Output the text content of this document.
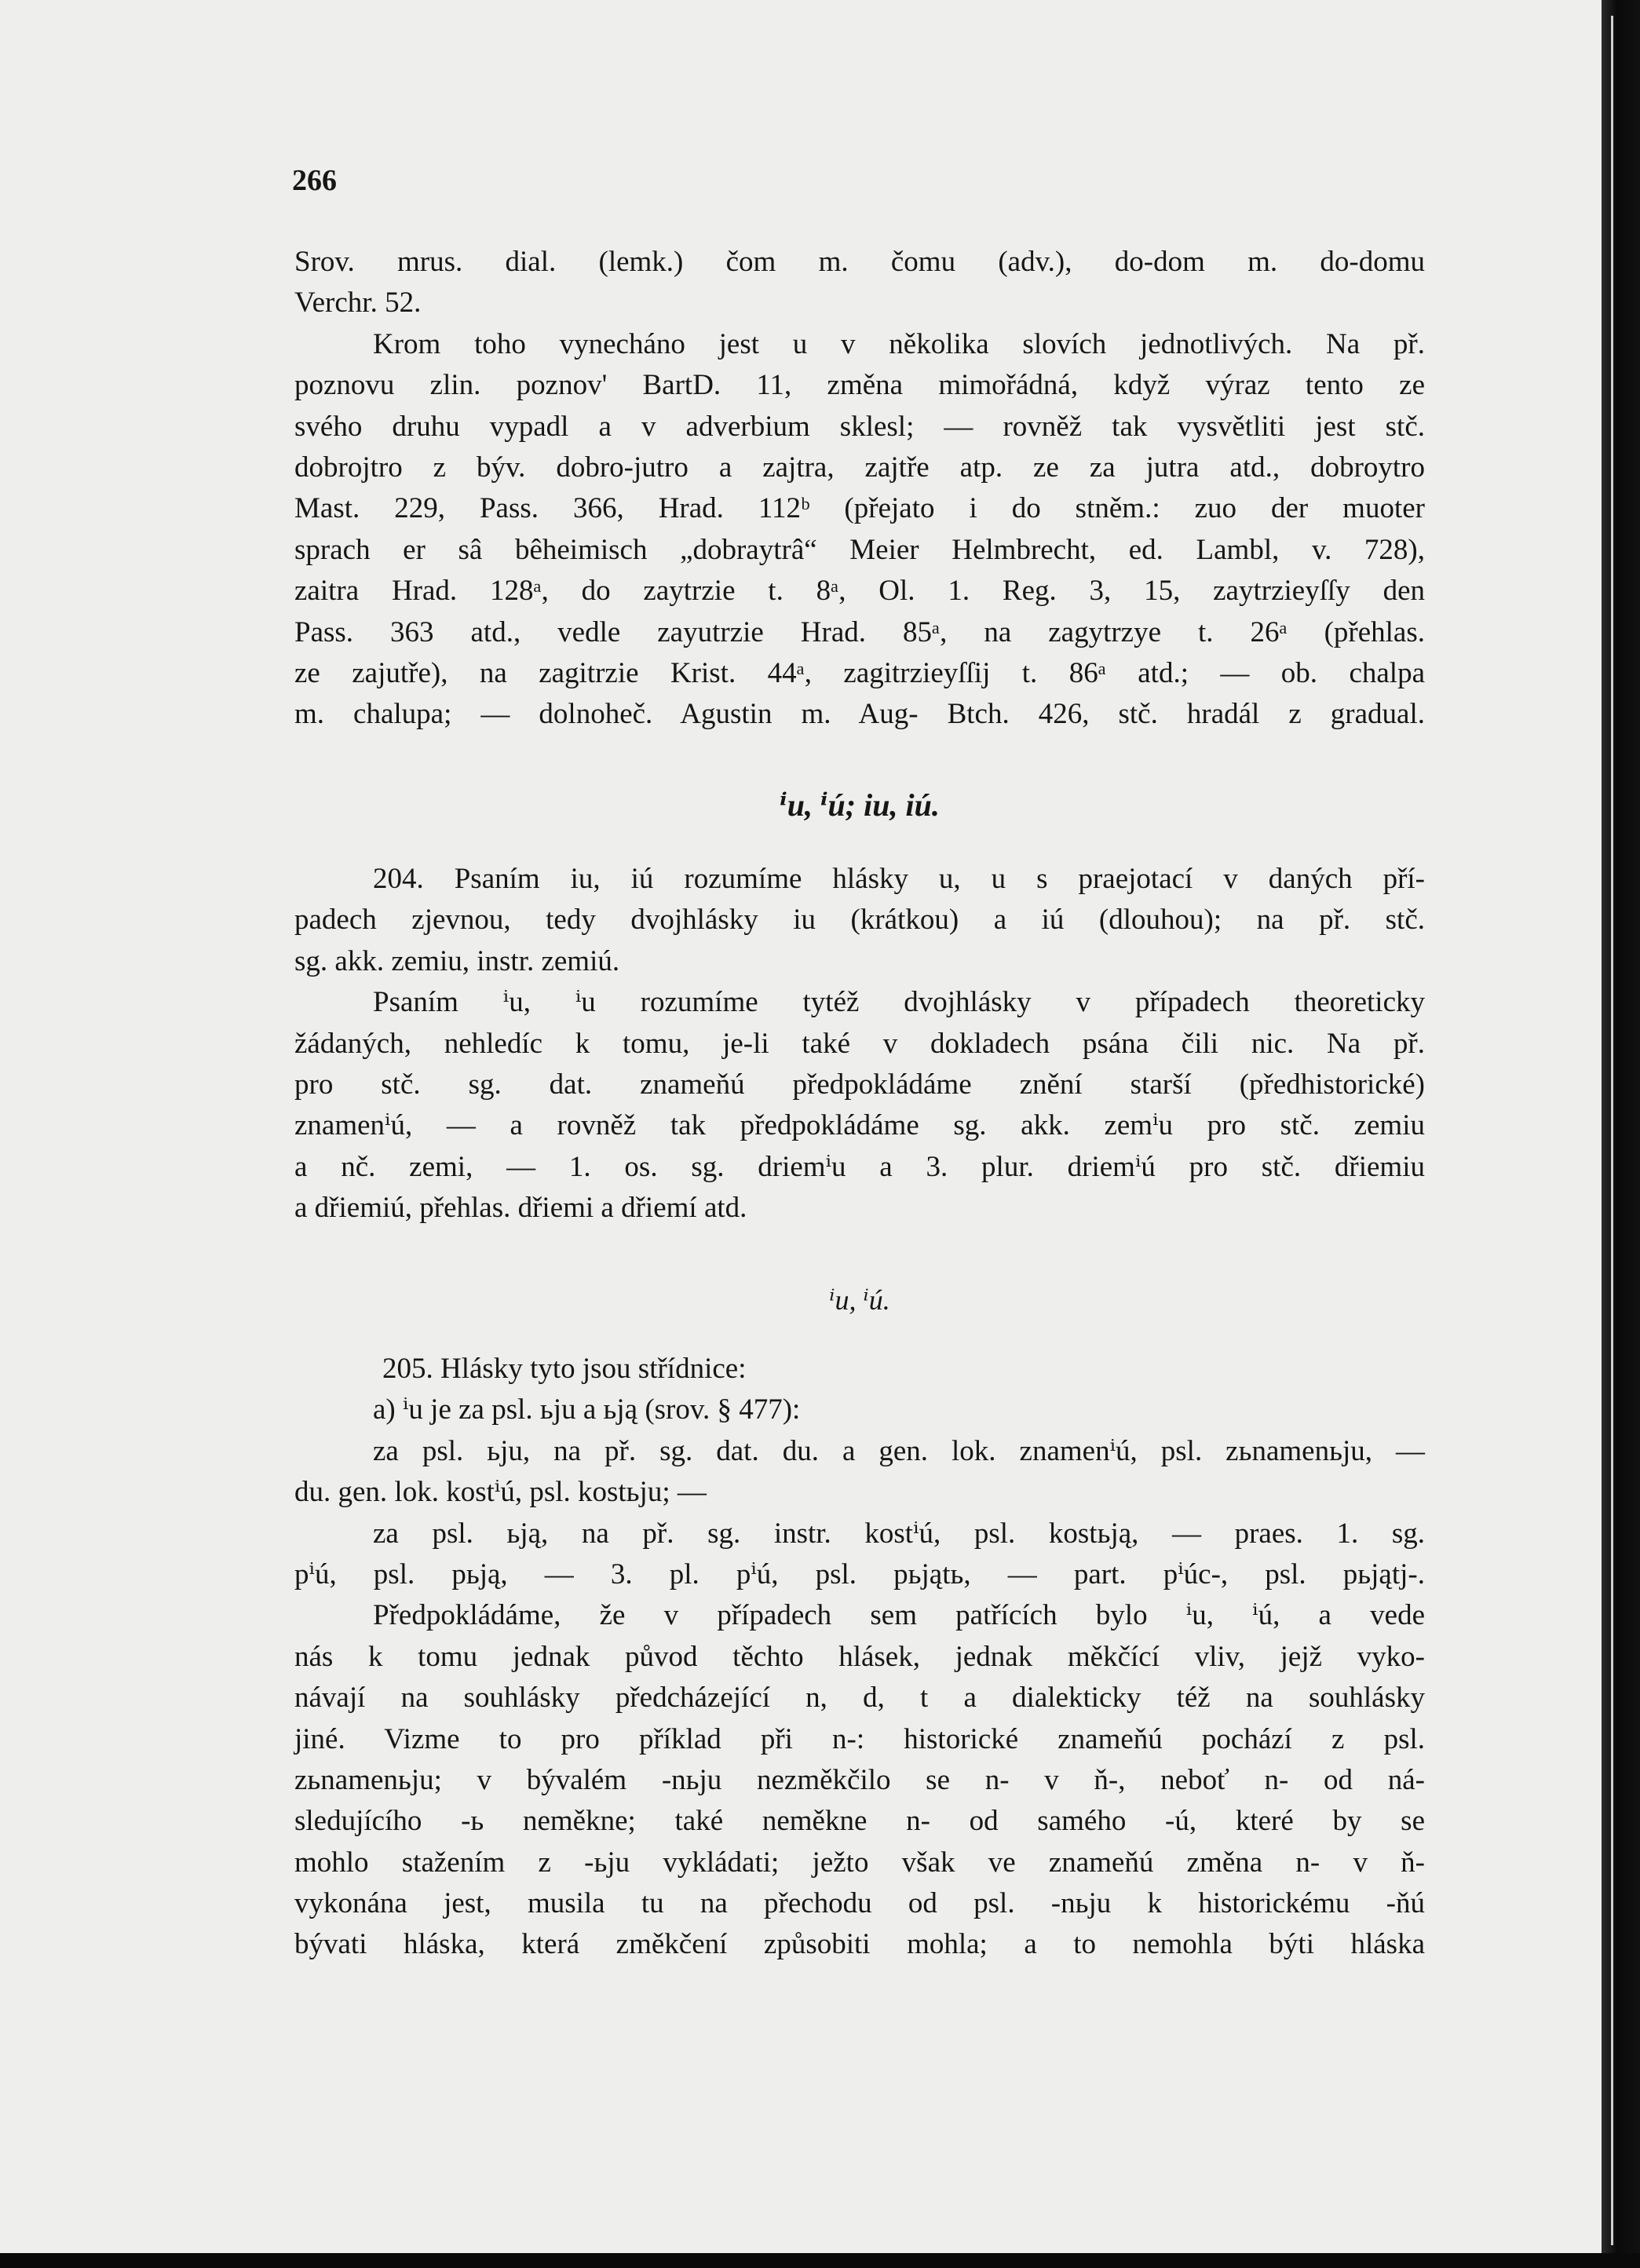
266
Srov. mrus. dial. (lemk.) čom m. čomu (adv.), do-dom m. do-domu
Verchr. 52.
Krom toho vynecháno jest u v několika slovích jednotlivých. Na př.
poznovu zlin. poznov' BartD. 11, změna mimořádná, když výraz tento ze
svého druhu vypadl a v adverbium sklesl; — rovněž tak vysvětliti jest stč.
dobrojtro z býv. dobro-jutro a zajtra, zajtře atp. ze za jutra atd., dobroytro
Mast. 229, Pass. 366, Hrad. 112ᵇ (přejato i do stněm.: zuo der muoter
sprach er sâ bêheimisch „dobraytrâ“ Meier Helmbrecht, ed. Lambl, v. 728),
zaitra Hrad. 128ᵃ, do zaytrzie t. 8ᵃ, Ol. 1. Reg. 3, 15, zaytrzieyſſy den
Pass. 363 atd., vedle zayutrzie Hrad. 85ᵃ, na zagytrzye t. 26ᵃ (přehlas.
ze zajutře), na zagitrzie Krist. 44ᵃ, zagitrzieyſſij t. 86ᵃ atd.; — ob. chalpa
m. chalupa; — dolnoheč. Agustin m. Aug- Btch. 426, stč. hradál z gradual.
ⁱu, ⁱú; iu, iú.
204. Psaním iu, iú rozumíme hlásky u, u s praejotací v daných pří-
padech zjevnou, tedy dvojhlásky iu (krátkou) a iú (dlouhou); na př. stč.
sg. akk. zemiu, instr. zemiú.
Psaním ⁱu, ⁱu rozumíme tytéž dvojhlásky v případech theoreticky
žádaných, nehledíc k tomu, je-li také v dokladech psána čili nic. Na př.
pro stč. sg. dat. znameňú předpokládáme znění starší (předhistorické)
znamenⁱú, — a rovněž tak předpokládáme sg. akk. zemⁱu pro stč. zemiu
a nč. zemi, — 1. os. sg. driemⁱu a 3. plur. driemⁱú pro stč. dřiemiu
a dřiemiú, přehlas. dřiemi a dřiemí atd.
ⁱu, ⁱú.
205. Hlásky tyto jsou střídnice:
a) ⁱu je za psl. ьju a ьją (srov. § 477):
za psl. ьju, na př. sg. dat. du. a gen. lok. znamenⁱú, psl. zьnamenьju, —
du. gen. lok. kostⁱú, psl. kostьju; —
za psl. ьją, na př. sg. instr. kostⁱú, psl. kostьją, — praes. 1. sg.
pⁱú, psl. pьją, — 3. pl. pⁱú, psl. pьjątь, — part. pⁱúc-, psl. pьjątj-.
Předpokládáme, že v případech sem patřících bylo ⁱu, ⁱú, a vede
nás k tomu jednak původ těchto hlásek, jednak měkčící vliv, jejž vyko-
návají na souhlásky předcházející n, d, t a dialekticky též na souhlásky
jiné. Vizme to pro příklad při n-: historické znameňú pochází z psl.
zьnamenьju; v bývalém -nьju nezměkčilo se n- v ň-, neboť n- od ná-
sledujícího -ь neměkne; také neměkne n- od samého -ú, které by se
mohlo stažením z -ьju vykládati; ježto však ve znameňú změna n- v ň-
vykonána jest, musila tu na přechodu od psl. -nьju k historickému -ňú
bývati hláska, která změkčení způsobiti mohla; a to nemohla býti hláska
